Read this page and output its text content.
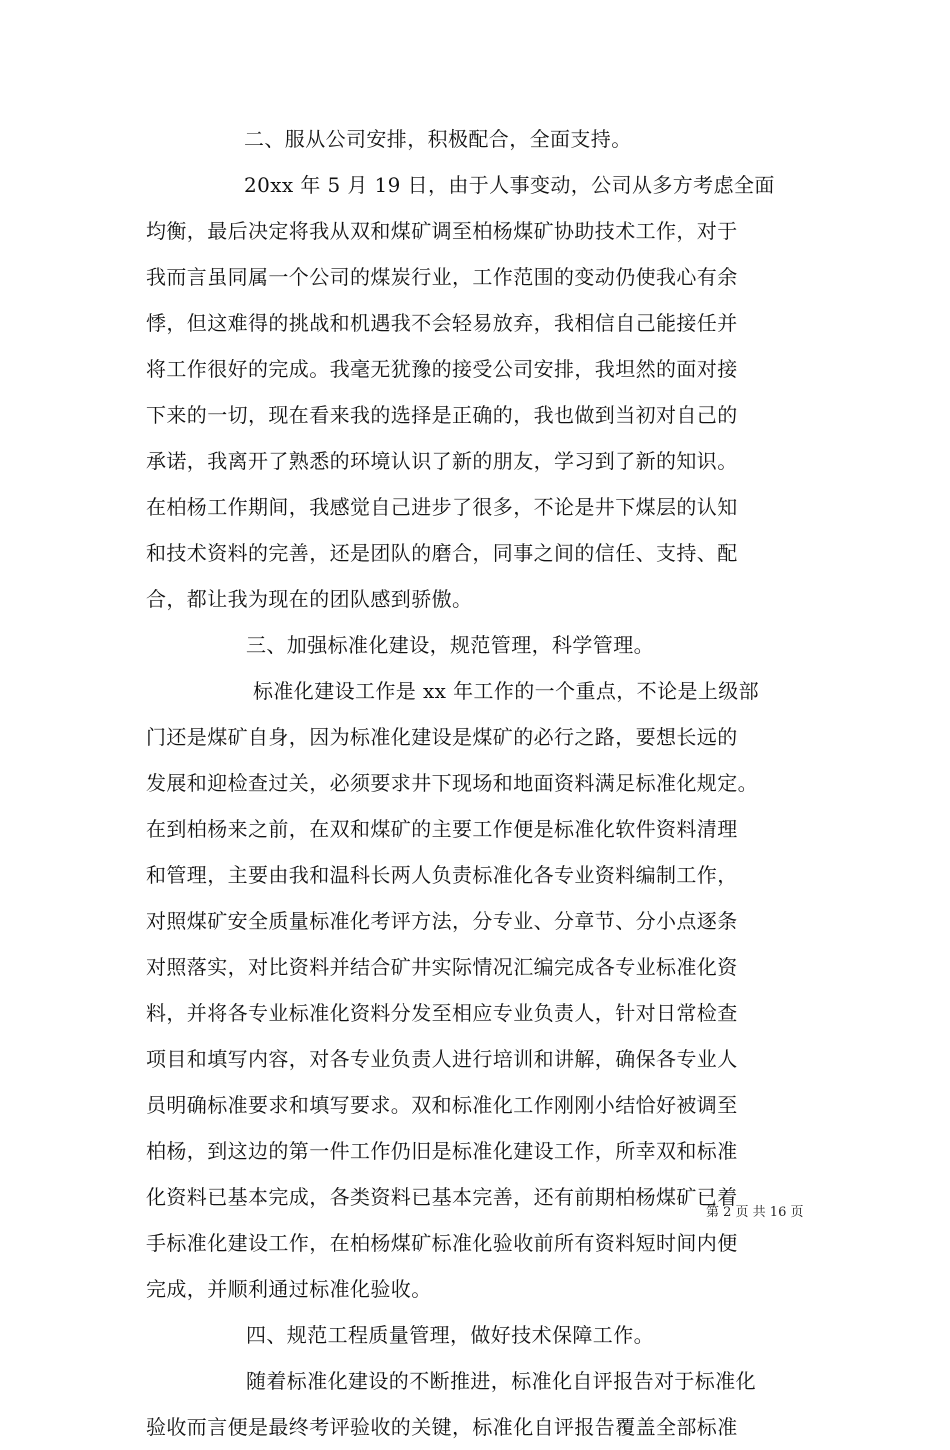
二、服从公司安排，积极配合，全面支持。
20xx 年 5 月 19 日，由于人事变动，公司从多方考虑全面
均衡，最后决定将我从双和煤矿调至柏杨煤矿协助技术工作，对于
我而言虽同属一个公司的煤炭行业，工作范围的变动仍使我心有余
悸，但这难得的挑战和机遇我不会轻易放弃，我相信自己能接任并
将工作很好的完成。我毫无犹豫的接受公司安排，我坦然的面对接
下来的一切，现在看来我的选择是正确的，我也做到当初对自己的
承诺，我离开了熟悉的环境认识了新的朋友，学习到了新的知识。
在柏杨工作期间，我感觉自己进步了很多，不论是井下煤层的认知
和技术资料的完善，还是团队的磨合，同事之间的信任、支持、配
合，都让我为现在的团队感到骄傲。
三、加强标准化建设，规范管理，科学管理。
标准化建设工作是 xx 年工作的一个重点，不论是上级部
门还是煤矿自身，因为标准化建设是煤矿的必行之路，要想长远的
发展和迎检查过关，必须要求井下现场和地面资料满足标准化规定。
在到柏杨来之前，在双和煤矿的主要工作便是标准化软件资料清理
和管理，主要由我和温科长两人负责标准化各专业资料编制工作，
对照煤矿安全质量标准化考评方法，分专业、分章节、分小点逐条
对照落实，对比资料并结合矿井实际情况汇编完成各专业标准化资
料，并将各专业标准化资料分发至相应专业负责人，针对日常检查
项目和填写内容，对各专业负责人进行培训和讲解，确保各专业人
员明确标准要求和填写要求。双和标准化工作刚刚小结恰好被调至
柏杨，到这边的第一件工作仍旧是标准化建设工作，所幸双和标准
化资料已基本完成，各类资料已基本完善，还有前期柏杨煤矿已着
手标准化建设工作，在柏杨煤矿标准化验收前所有资料短时间内便
完成，并顺利通过标准化验收。
四、规范工程质量管理，做好技术保障工作。
随着标准化建设的不断推进，标准化自评报告对于标准化
验收而言便是最终考评验收的关键，标准化自评报告覆盖全部标准
第 2 页 共 16 页
